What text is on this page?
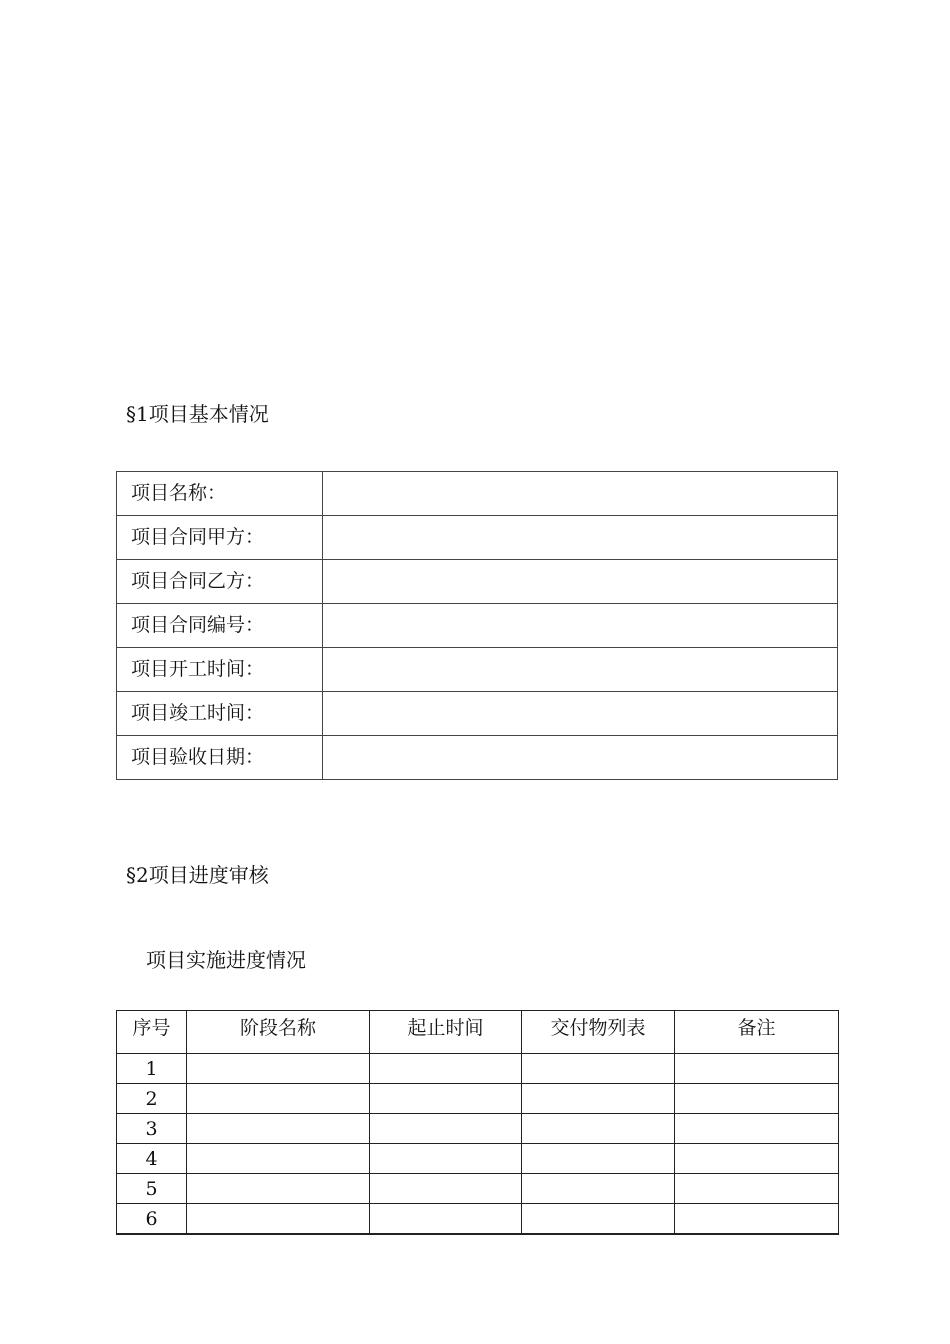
§1项目基本情况
项目名称：	
项目合同甲方：	
项目合同乙方：	
项目合同编号：	
项目开工时间：	
项目竣工时间：	
项目验收日期：	
§2项目进度审核
项目实施进度情况
序号	阶段名称	起止时间	交付物列表	备注
1				
2				
3				
4				
5				
6				
